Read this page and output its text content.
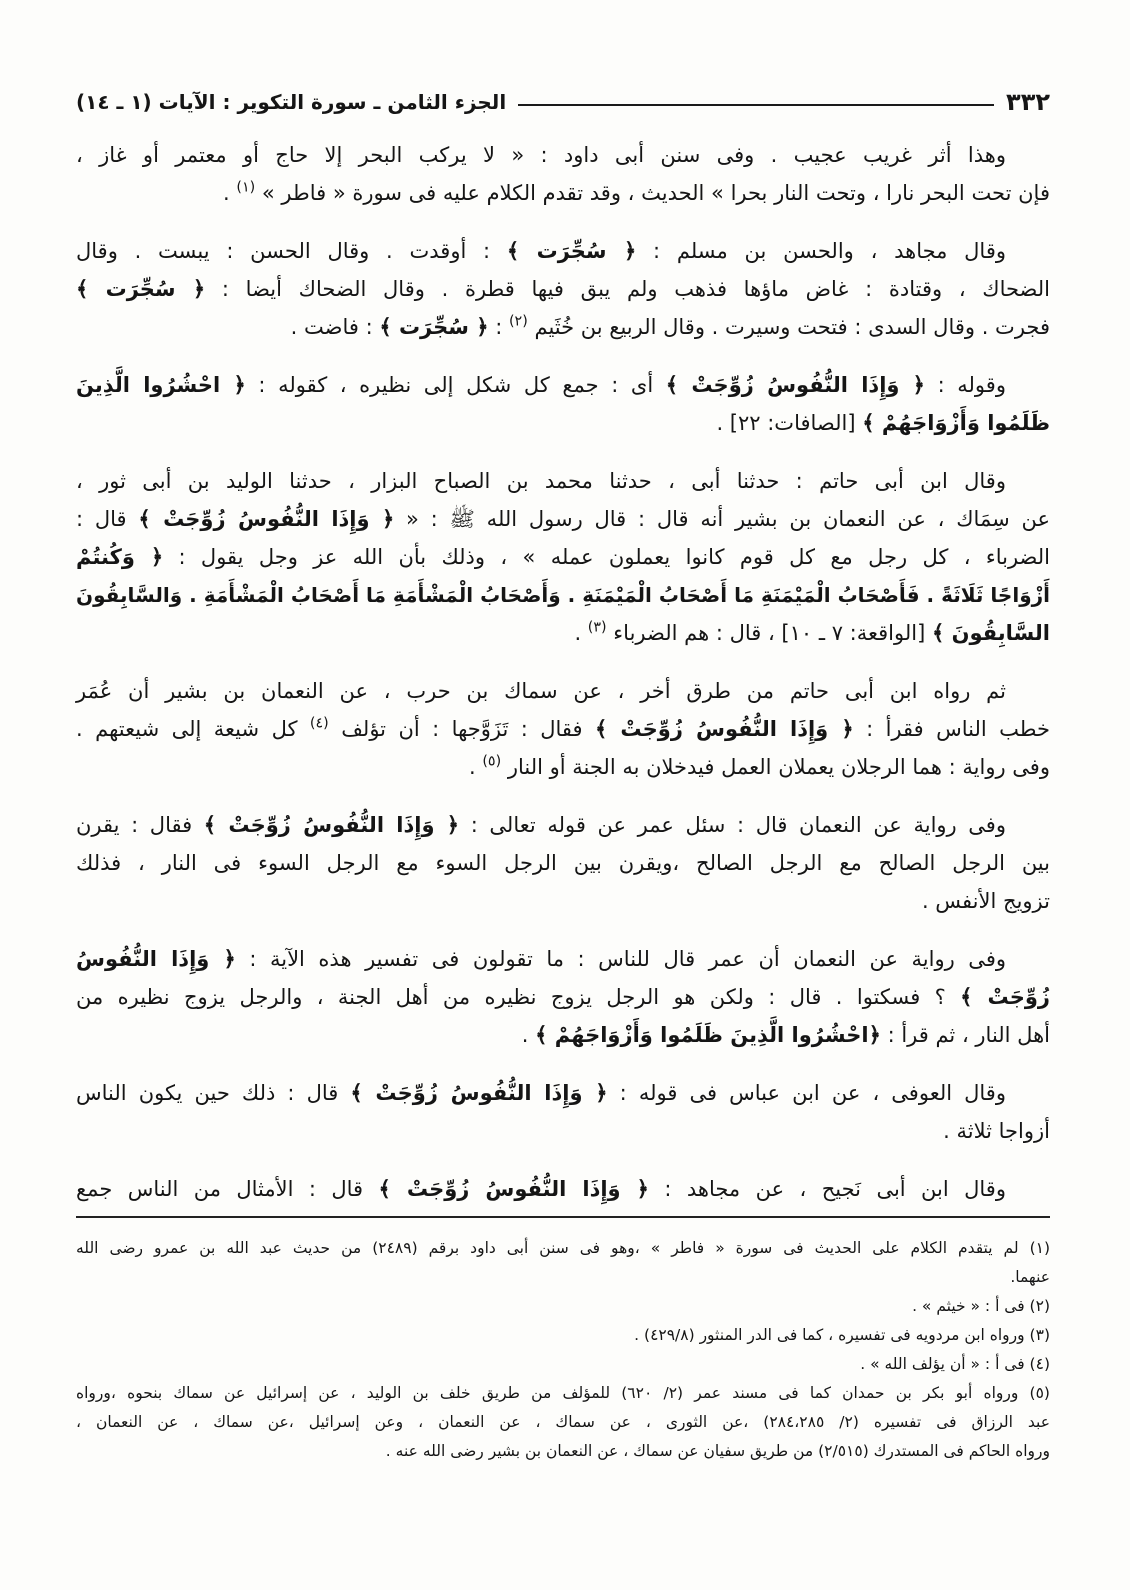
٣٣٢
الجزء الثامن ـ سورة التكوير : الآيات (١ ـ ١٤)
وهذا أثر غريب عجيب . وفى سنن أبى داود : « لا يركب البحر إلا حاج أو معتمر أو غاز ،
فإن تحت البحر نارا ، وتحت النار بحرا » الحديث ، وقد تقدم الكلام عليه فى سورة « فاطر » $^{(١)}$ .
وقال مجاهد ، والحسن بن مسلم : ﴿ سُجِّرَت ﴾ : أوقدت . وقال الحسن : يبست . وقال
الضحاك ، وقتادة : غاض ماؤها فذهب ولم يبق فيها قطرة . وقال الضحاك أيضا : ﴿ سُجِّرَت ﴾
فجرت . وقال السدى : فتحت وسيرت . وقال الربيع بن خُثَيم $^{(٢)}$ : ﴿ سُجِّرَت ﴾ : فاضت .
وقوله : ﴿ وَإِذَا النُّفُوسُ زُوِّجَتْ ﴾ أى : جمع كل شكل إلى نظيره ، كقوله : ﴿ احْشُرُوا الَّذِينَ
ظَلَمُوا وَأَزْوَاجَهُمْ ﴾ [الصافات: ٢٢] .
وقال ابن أبى حاتم : حدثنا أبى ، حدثنا محمد بن الصباح البزار ، حدثنا الوليد بن أبى ثور ،
عن سِمَاك ، عن النعمان بن بشير أنه قال : قال رسول الله ﷺ : « ﴿ وَإِذَا النُّفُوسُ زُوِّجَتْ ﴾ قال :
الضرباء ، كل رجل مع كل قوم كانوا يعملون عمله » ، وذلك بأن الله عز وجل يقول : ﴿ وَكُنتُمْ
أَزْوَاجًا ثَلَاثَةً . فَأَصْحَابُ الْمَيْمَنَةِ مَا أَصْحَابُ الْمَيْمَنَةِ . وَأَصْحَابُ الْمَشْأَمَةِ مَا أَصْحَابُ الْمَشْأَمَةِ . وَالسَّابِقُونَ
السَّابِقُونَ ﴾ [الواقعة: ٧ ـ ١٠] ، قال : هم الضرباء $^{(٣)}$ .
ثم رواه ابن أبى حاتم من طرق أخر ، عن سماك بن حرب ، عن النعمان بن بشير أن عُمَر
خطب الناس فقرأ : ﴿ وَإِذَا النُّفُوسُ زُوِّجَتْ ﴾ فقال : تَزَوَّجها : أن تؤلف $^{(٤)}$ كل شيعة إلى شيعتهم .
وفى رواية : هما الرجلان يعملان العمل فيدخلان به الجنة أو النار $^{(٥)}$ .
وفى رواية عن النعمان قال : سئل عمر عن قوله تعالى : ﴿ وَإِذَا النُّفُوسُ زُوِّجَتْ ﴾ فقال : يقرن
بين الرجل الصالح مع الرجل الصالح ،ويقرن بين الرجل السوء مع الرجل السوء فى النار ، فذلك
تزويج الأنفس .
وفى رواية عن النعمان أن عمر قال للناس : ما تقولون فى تفسير هذه الآية : ﴿ وَإِذَا النُّفُوسُ
زُوِّجَتْ ﴾ ؟ فسكتوا . قال : ولكن هو الرجل يزوج نظيره من أهل الجنة ، والرجل يزوج نظيره من
أهل النار ، ثم قرأ : ﴿احْشُرُوا الَّذِينَ ظَلَمُوا وَأَزْوَاجَهُمْ ﴾ .
وقال العوفى ، عن ابن عباس فى قوله : ﴿ وَإِذَا النُّفُوسُ زُوِّجَتْ ﴾ قال : ذلك حين يكون الناس
أزواجا ثلاثة .
وقال ابن أبى نَجيح ، عن مجاهد : ﴿ وَإِذَا النُّفُوسُ زُوِّجَتْ ﴾ قال : الأمثال من الناس جمع
(١) لم يتقدم الكلام على الحديث فى سورة « فاطر » ،وهو فى سنن أبى داود برقم (٢٤٨٩) من حديث عبد الله بن عمرو رضى الله
عنهما.
(٢) فى أ : « خيثم » .
(٣) ورواه ابن مردويه فى تفسيره ، كما فى الدر المنثور (٤٢٩/٨) .
(٤) فى أ : « أن يؤلف الله » .
(٥) ورواه أبو بكر بن حمدان كما فى مسند عمر (٢/ ٦٢٠) للمؤلف من طريق خلف بن الوليد ، عن إسرائيل عن سماك بنحوه ،ورواه
عبد الرزاق فى تفسيره (٢/ ٢٨٤،٢٨٥) ،عن الثورى ، عن سماك ، عن النعمان ، وعن إسرائيل ،عن سماك ، عن النعمان ،
ورواه الحاكم فى المستدرك (٢/٥١٥) من طريق سفيان عن سماك ، عن النعمان بن بشير رضى الله عنه .
